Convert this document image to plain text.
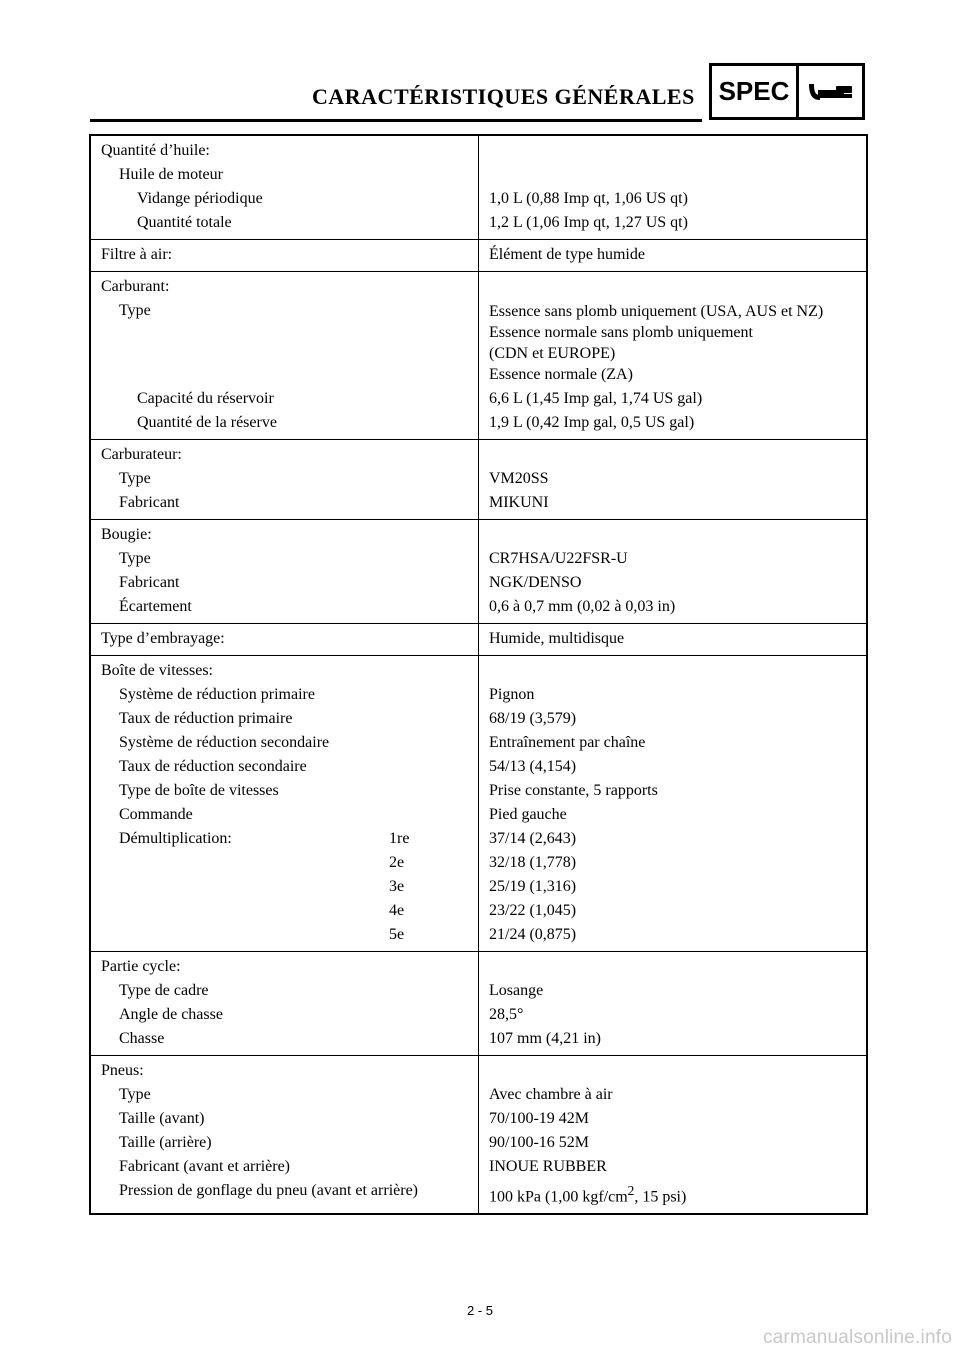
CARACTÉRISTIQUES GÉNÉRALES SPEC
Quantité d’huile:
Huile de moteur
Vidange périodique	1,0 L (0,88 Imp qt, 1,06 US qt)
Quantité totale	1,2 L (1,06 Imp qt, 1,27 US qt)
Filtre à air:	Élément de type humide
Carburant:
Type	Essence sans plomb uniquement (USA, AUS et NZ)
Essence normale sans plomb uniquement
(CDN et EUROPE)
Essence normale (ZA)
Capacité du réservoir	6,6 L (1,45 Imp gal, 1,74 US gal)
Quantité de la réserve	1,9 L (0,42 Imp gal, 0,5 US gal)
Carburateur:
Type	VM20SS
Fabricant	MIKUNI
Bougie:
Type	CR7HSA/U22FSR-U
Fabricant	NGK/DENSO
Écartement	0,6 à 0,7 mm (0,02 à 0,03 in)
Type d’embrayage:	Humide, multidisque
Boîte de vitesses:
Système de réduction primaire	Pignon
Taux de réduction primaire	68/19 (3,579)
Système de réduction secondaire	Entraînement par chaîne
Taux de réduction secondaire	54/13 (4,154)
Type de boîte de vitesses	Prise constante, 5 rapports
Commande	Pied gauche
Démultiplication:	1re	37/14 (2,643)
2e	32/18 (1,778)
3e	25/19 (1,316)
4e	23/22 (1,045)
5e	21/24 (0,875)
Partie cycle:
Type de cadre	Losange
Angle de chasse	28,5°
Chasse	107 mm (4,21 in)
Pneus:
Type	Avec chambre à air
Taille (avant)	70/100-19 42M
Taille (arrière)	90/100-16 52M
Fabricant (avant et arrière)	INOUE RUBBER
Pression de gonflage du pneu (avant et arrière)	100 kPa (1,00 kgf/$cm^2$, 15 psi)
2 - 5
carmanualsonline.info
